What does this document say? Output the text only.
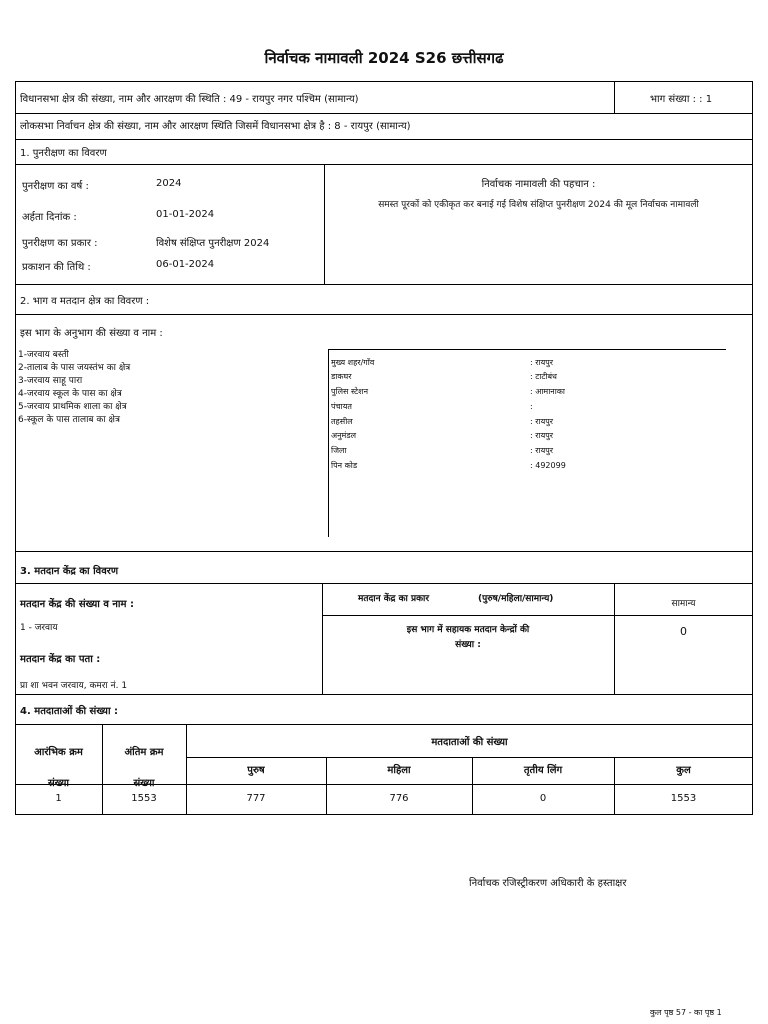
निर्वाचक नामावली 2024 S26 छत्तीसगढ
विधानसभा क्षेत्र की संख्या, नाम और आरक्षण की स्थिति : 49 - रायपुर नगर पश्चिम (सामान्य)	भाग संख्या : : 1
लोकसभा निर्वाचन क्षेत्र की संख्या, नाम और आरक्षण स्थिति जिसमें विधानसभा क्षेत्र है : 8 - रायपुर (सामान्य)
1. पुनरीक्षण का विवरण
पुनरीक्षण का वर्ष :	2024
अर्हता दिनांक :	01-01-2024
पुनरीक्षण का प्रकार :	विशेष संक्षिप्त पुनरीक्षण 2024
प्रकाशन की तिथि :	06-01-2024
निर्वाचक नामावली की पहचान :
समस्त पूरकों को एकीकृत कर बनाई गई विशेष संक्षिप्त पुनरीक्षण 2024 की मूल निर्वाचक नामावली
2. भाग व मतदान क्षेत्र का विवरण :
इस भाग के अनुभाग की संख्या व नाम :
1-जरवाय बस्ती
2-तालाब के पास जयस्तंभ का क्षेत्र
3-जरवाय साहू पारा
4-जरवाय स्कूल के पास का क्षेत्र
5-जरवाय प्राथमिक शाला का क्षेत्र
6-स्कूल के पास तालाब का क्षेत्र
मुख्य शहर/गाँव	: रायपुर
डाकघर	: टाटीबंध
पुलिस स्टेशन	: आमानाका
पंचायत	:
तहसील	: रायपुर
अनुमंडल	: रायपुर
जिला	: रायपुर
पिन कोड	: 492099
3. मतदान केंद्र का विवरण
मतदान केंद्र की संख्या व नाम :
1 - जरवाय
मतदान केंद्र का पता :
प्रा शा भवन जरवाय, कमरा नं. 1
मतदान केंद्र का प्रकार	(पुरुष/महिला/सामान्य)	सामान्य
इस भाग में सहायक मतदान केन्द्रों की
संख्या :
0
4. मतदाताओं की संख्या :
आरंभिक क्रम
संख्या
अंतिम क्रम
संख्या
मतदाताओं की संख्या
पुरुष	महिला	तृतीय लिंग	कुल
1	1553	777	776	0	1553
निर्वाचक रजिस्ट्रीकरण अधिकारी के हस्ताक्षर
कुल पृष्ठ 57 - का पृष्ठ 1
